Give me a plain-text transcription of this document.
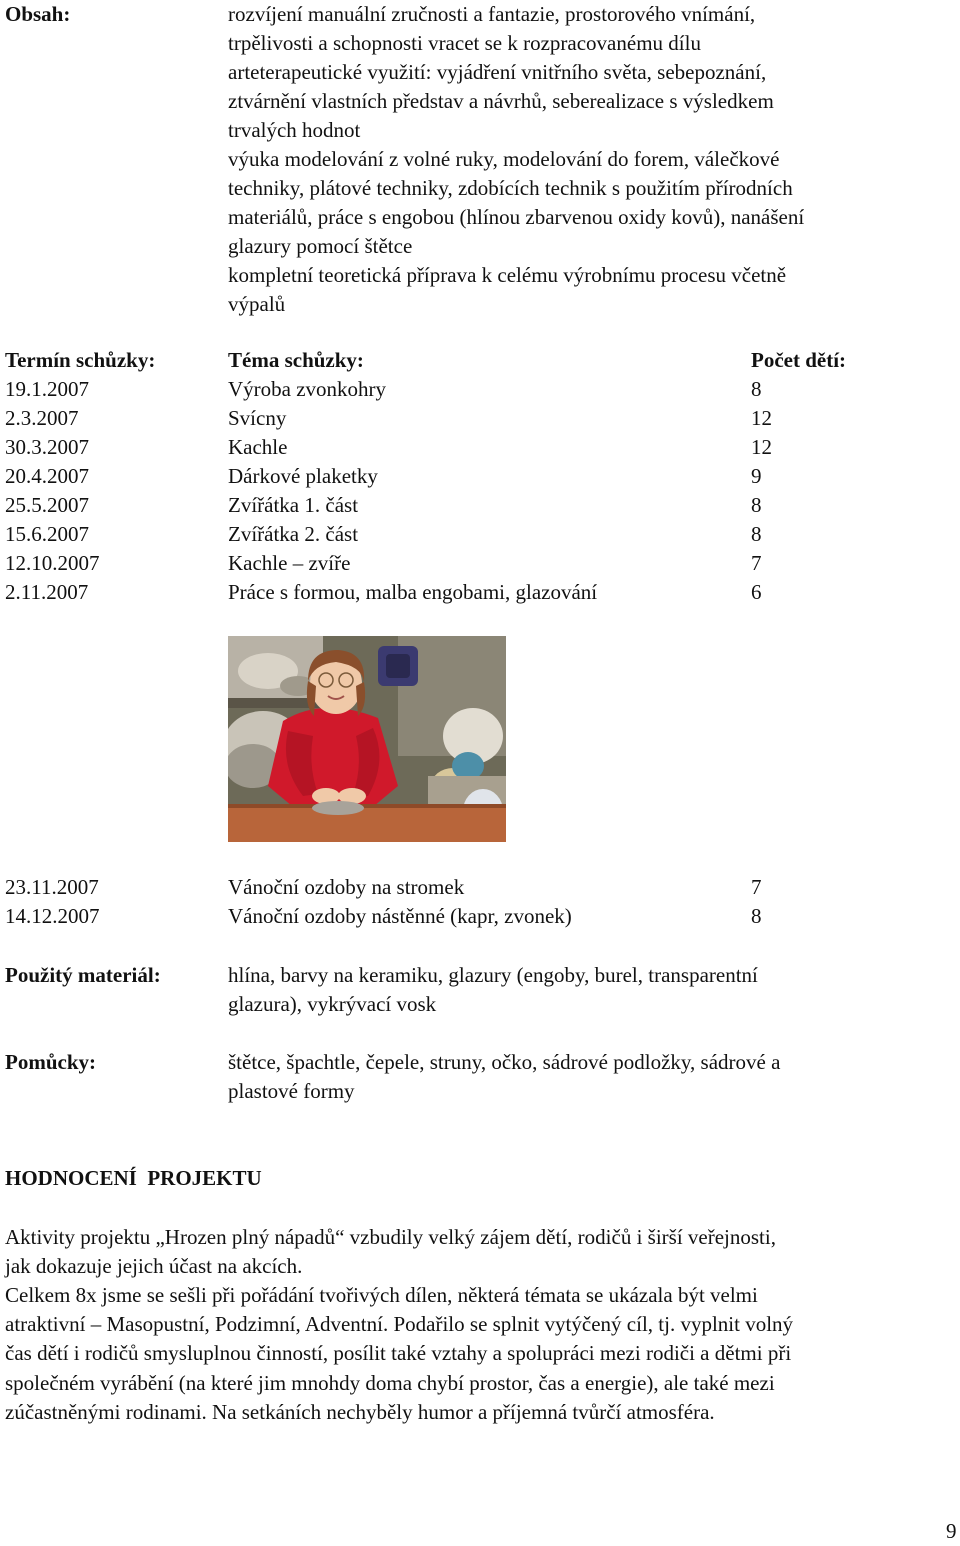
Obsah:	rozvíjení manuální zručnosti a fantazie, prostorového vnímání,
trpělivosti a schopnosti vracet se k rozpracovanému dílu
arteterapeutické využití: vyjádření vnitřního světa, sebepoznání,
ztvárnění vlastních představ a návrhů, seberealizace s výsledkem
trvalých hodnot
výuka modelování z volné ruky, modelování do forem, válečkové
techniky, plátové techniky, zdobících technik s použitím přírodních
materiálů, práce s engobou (hlínou zbarvenou oxidy kovů), nanášení
glazury pomocí štětce
kompletní teoretická příprava k celému výrobnímu procesu včetně
výpalů
Termín schůzky:	Téma schůzky:	Počet dětí:
19.1.2007	Výroba zvonkohry	8
2.3.2007	Svícny	12
30.3.2007	Kachle	12
20.4.2007	Dárkové plaketky	9
25.5.2007	Zvířátka 1. část	8
15.6.2007	Zvířátka 2. část	8
12.10.2007	Kachle – zvíře	7
2.11.2007	Práce s formou, malba engobami, glazování	6
23.11.2007	Vánoční ozdoby na stromek	7
14.12.2007	Vánoční ozdoby nástěnné (kapr, zvonek)	8
Použitý materiál:	hlína, barvy na keramiku, glazury (engoby, burel, transparentní
glazura), vykrývací vosk
Pomůcky:	štětce, špachtle, čepele, struny, očko, sádrové podložky, sádrové a
plastové formy
HODNOCENÍ  PROJEKTU
Aktivity projektu „Hrozen plný nápadů“ vzbudily velký zájem dětí, rodičů i širší veřejnosti,
jak dokazuje jejich účast na akcích.
Celkem 8x jsme se sešli při pořádání tvořivých dílen, některá témata se ukázala být velmi
atraktivní – Masopustní, Podzimní, Adventní. Podařilo se splnit vytýčený cíl, tj. vyplnit volný
čas dětí i rodičů smysluplnou činností, posílit také vztahy a spolupráci mezi rodiči a dětmi při
společném vyrábění (na které jim mnohdy doma chybí prostor, čas a energie), ale také mezi
zúčastněnými rodinami. Na setkáních nechyběly humor a příjemná tvůrčí atmosféra.
9
